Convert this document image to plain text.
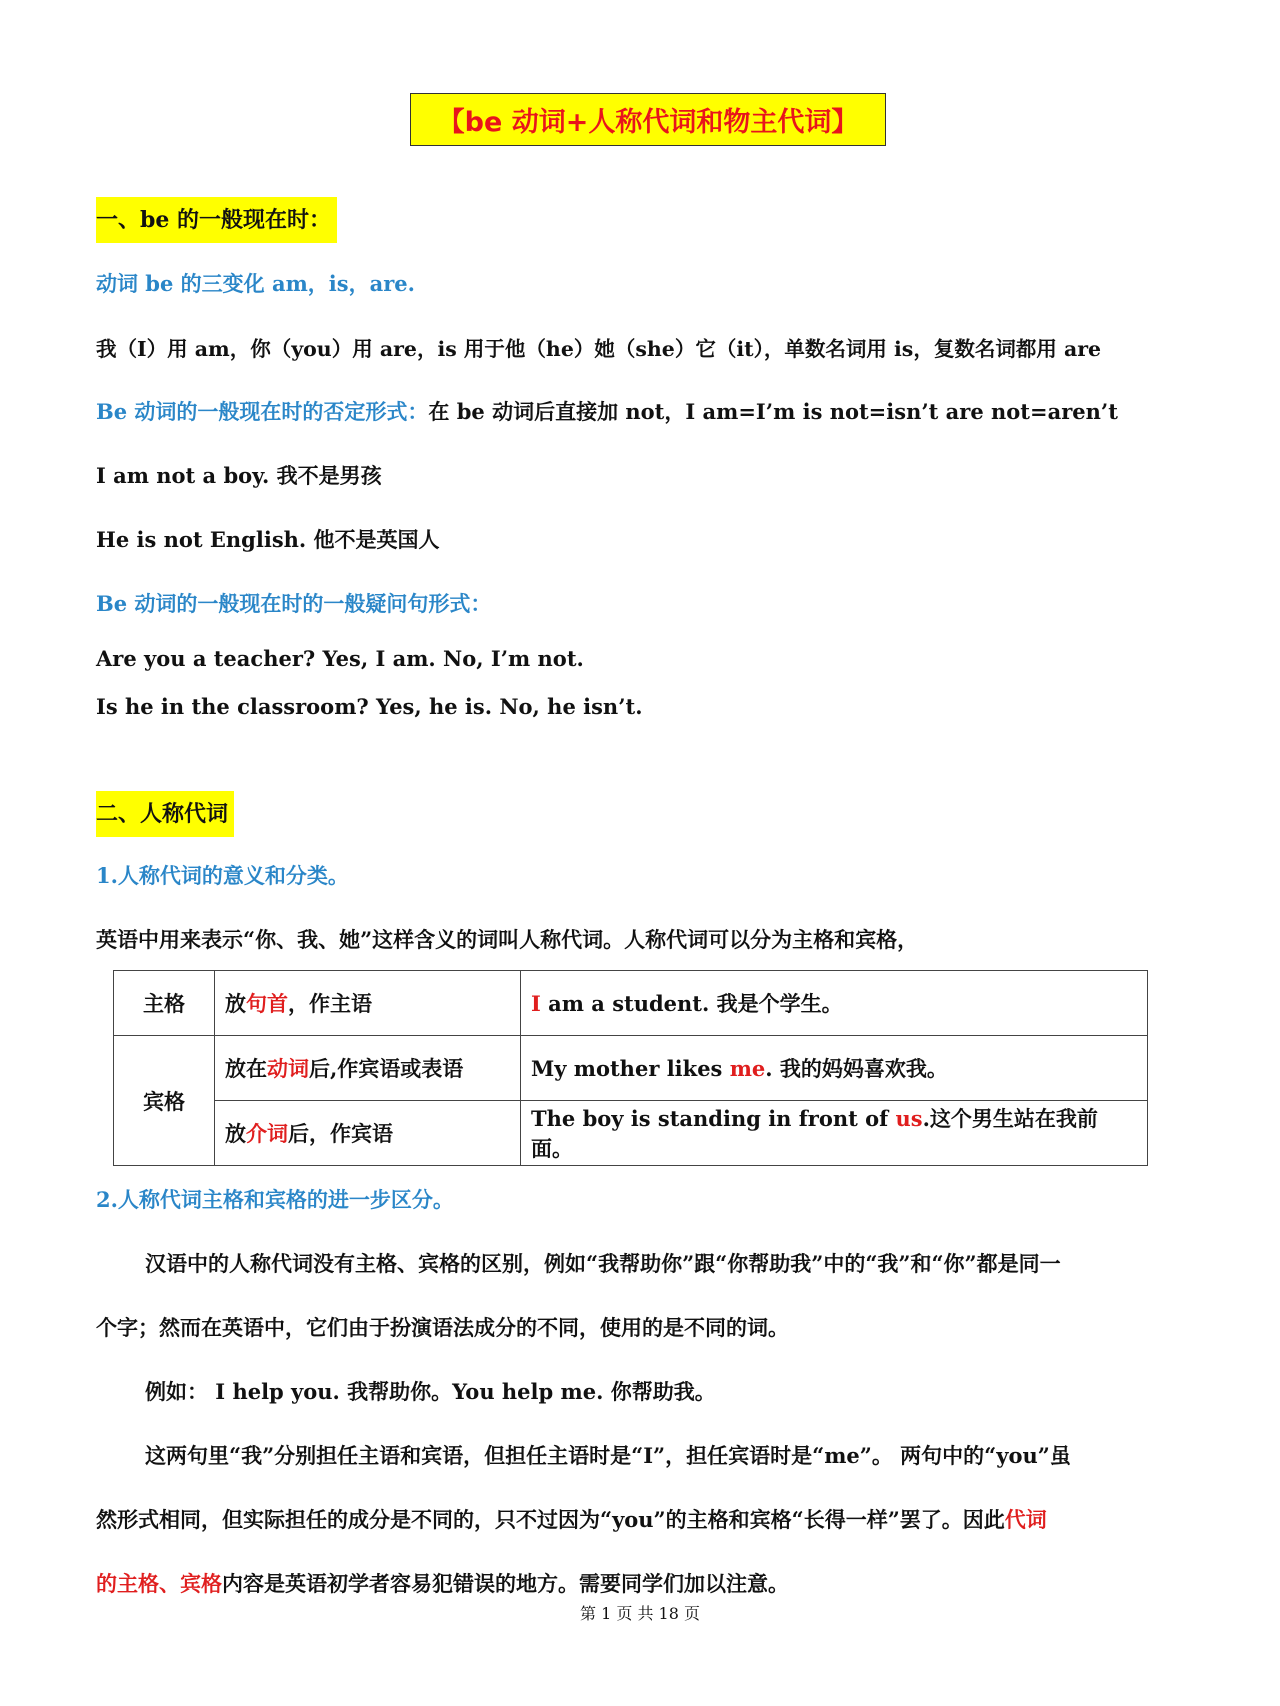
【be 动词+人称代词和物主代词】
一、be 的一般现在时：
动词 be 的三变化 am，is，are.
我（I）用 am，你（you）用 are，is 用于他（he）她（she）它（it），单数名词用 is，复数名词都用 are
Be 动词的一般现在时的否定形式：在 be 动词后直接加 not，I am=I’m is not=isn’t are not=aren’t
I am not a boy. 我不是男孩
He is not English. 他不是英国人
Be 动词的一般现在时的一般疑问句形式：
Are you a teacher? Yes, I am. No, I’m not.
Is he in the classroom? Yes, he is. No, he isn’t.
二、人称代词
1.人称代词的意义和分类。
英语中用来表示“你、我、她”这样含义的词叫人称代词。人称代词可以分为主格和宾格，
主格	放句首，作主语	I am a student. 我是个学生。
宾格	放在动词后,作宾语或表语	My mother likes me. 我的妈妈喜欢我。
	放介词后，作宾语	The boy is standing in front of us.这个男生站在我前面。
2.人称代词主格和宾格的进一步区分。
汉语中的人称代词没有主格、宾格的区别，例如“我帮助你”跟“你帮助我”中的“我”和“你”都是同一
个字；然而在英语中，它们由于扮演语法成分的不同，使用的是不同的词。
例如： I help you. 我帮助你。You help me. 你帮助我。
这两句里“我”分别担任主语和宾语，但担任主语时是“I”，担任宾语时是“me”。 两句中的“you”虽
然形式相同，但实际担任的成分是不同的，只不过因为“you”的主格和宾格“长得一样”罢了。因此代词
的主格、宾格内容是英语初学者容易犯错误的地方。需要同学们加以注意。
第 1 页 共 18 页
